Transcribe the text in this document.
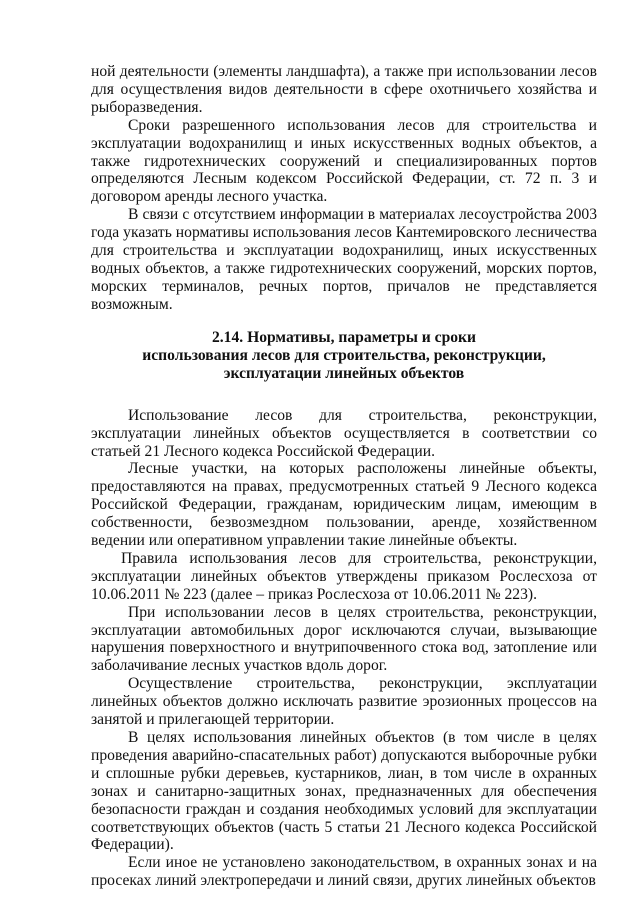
ной деятельности (элементы ландшафта), а также при использовании лесов для осуществления видов деятельности в сфере охотничьего хозяйства и рыборазведения.

Сроки разрешенного использования лесов для строительства и эксплуатации водохранилищ и иных искусственных водных объектов, а также гидротехнических сооружений и специализированных портов определяются Лесным кодексом Российской Федерации, ст. 72 п. 3 и договором аренды лесного участка.

В связи с отсутствием информации в материалах лесоустройства 2003 года указать нормативы использования лесов Кантемировского лесничества для строительства и эксплуатации водохранилищ, иных искусственных водных объектов, а также гидротехнических сооружений, морских портов, морских терминалов, речных портов, причалов не представляется возможным.

2.14. Нормативы, параметры и сроки
использования лесов для строительства, реконструкции,
эксплуатации линейных объектов

Использование лесов для строительства, реконструкции, эксплуатации линейных объектов осуществляется в соответствии со статьей 21 Лесного кодекса Российской Федерации.

Лесные участки, на которых расположены линейные объекты, предоставляются на правах, предусмотренных статьей 9 Лесного кодекса Российской Федерации, гражданам, юридическим лицам, имеющим в собственности, безвозмездном пользовании, аренде, хозяйственном ведении или оперативном управлении такие линейные объекты.

Правила использования лесов для строительства, реконструкции, эксплуатации линейных объектов утверждены приказом Рослесхоза от 10.06.2011 № 223 (далее – приказ Рослесхоза от 10.06.2011 № 223).

При использовании лесов в целях строительства, реконструкции, эксплуатации автомобильных дорог исключаются случаи, вызывающие нарушения поверхностного и внутрипочвенного стока вод, затопление или заболачивание лесных участков вдоль дорог.

Осуществление строительства, реконструкции, эксплуатации линейных объектов должно исключать развитие эрозионных процессов на занятой и прилегающей территории.

В целях использования линейных объектов (в том числе в целях проведения аварийно-спасательных работ) допускаются выборочные рубки и сплошные рубки деревьев, кустарников, лиан, в том числе в охранных зонах и санитарно-защитных зонах, предназначенных для обеспечения безопасности граждан и создания необходимых условий для эксплуатации соответствующих объектов (часть 5 статьи 21 Лесного кодекса Российской Федерации).

Если иное не установлено законодательством, в охранных зонах и на просеках линий электропередачи и линий связи, других линейных объектов
